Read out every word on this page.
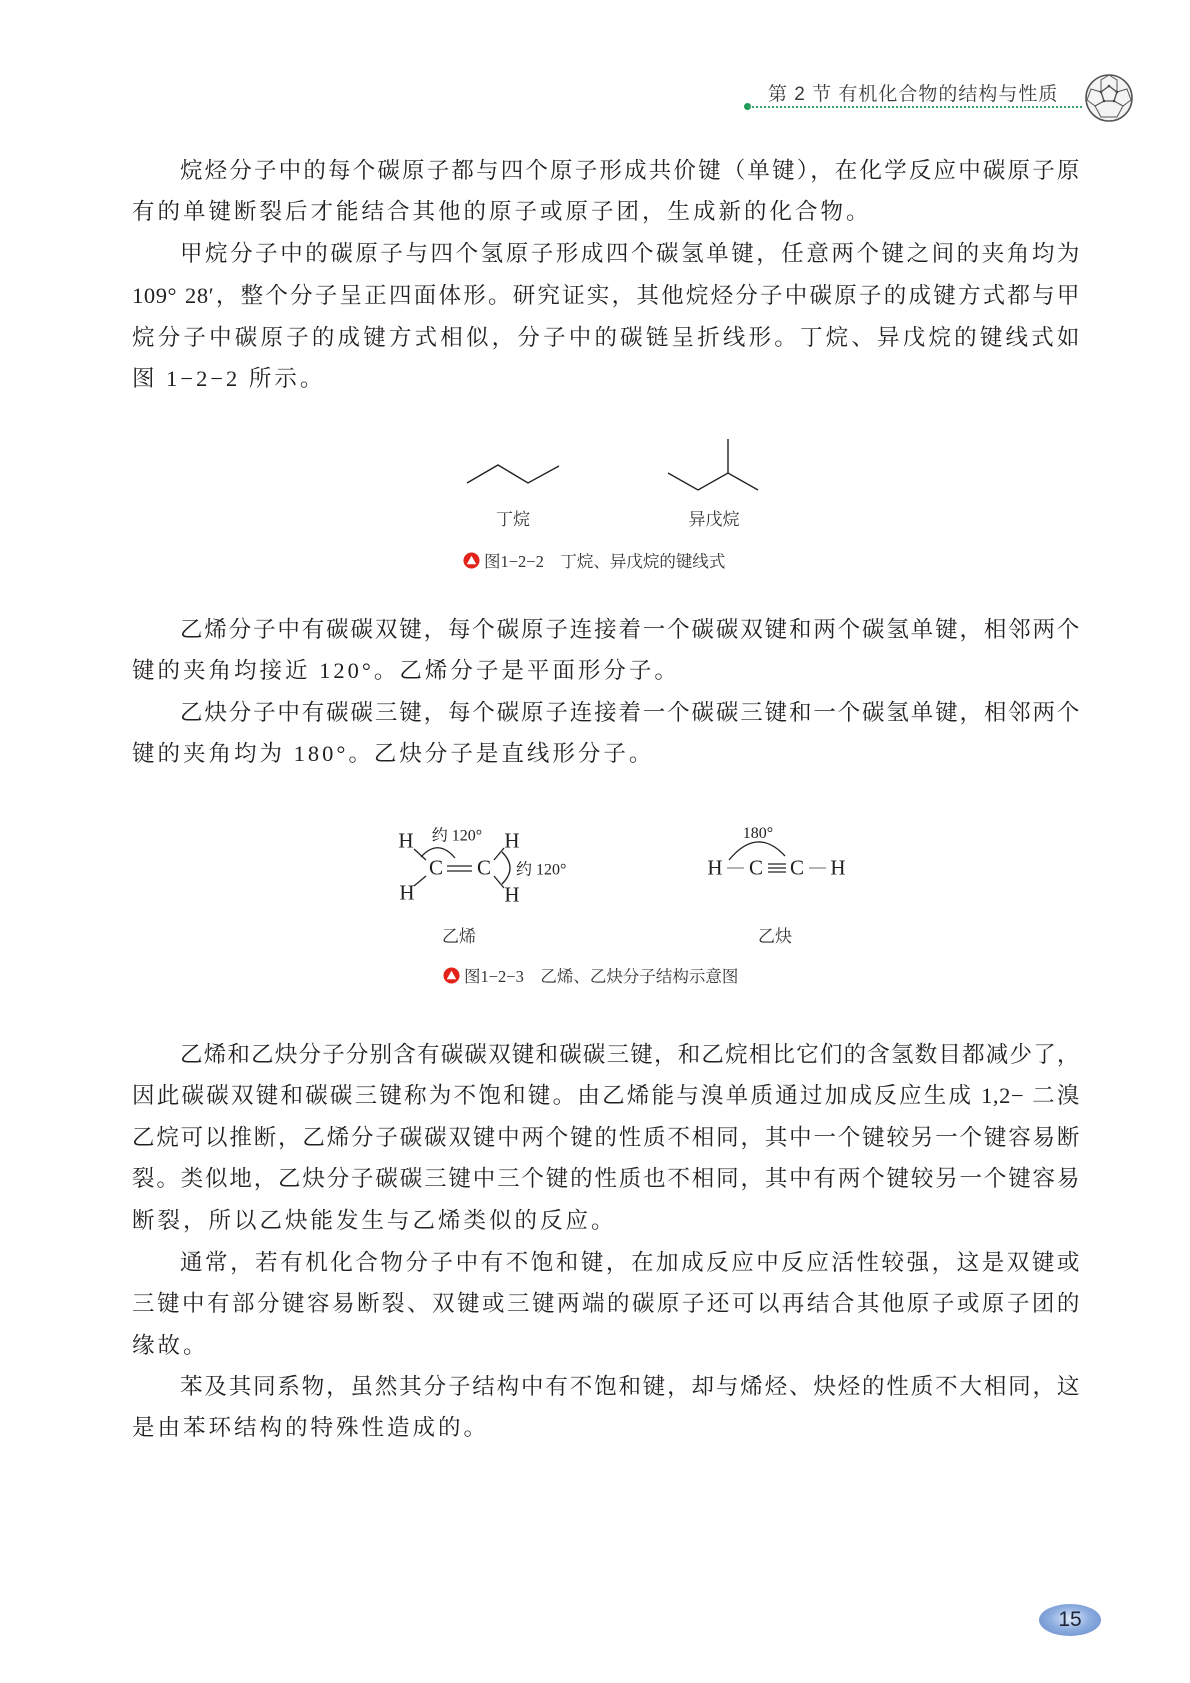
第 2 节 有机化合物的结构与性质
烷烃分子中的每个碳原子都与四个原子形成共价键（单键），在化学反应中碳原子原
有的单键断裂后才能结合其他的原子或原子团，生成新的化合物。
甲烷分子中的碳原子与四个氢原子形成四个碳氢单键，任意两个键之间的夹角均为
109° 28′，整个分子呈正四面体形。研究证实，其他烷烃分子中碳原子的成键方式都与甲
烷分子中碳原子的成键方式相似，分子中的碳链呈折线形。丁烷、异戊烷的键线式如
图 1−2−2 所示。
丁烷	异戊烷
图1−2−2　丁烷、异戊烷的键线式
乙烯分子中有碳碳双键，每个碳原子连接着一个碳碳双键和两个碳氢单键，相邻两个
键的夹角均接近 120°。乙烯分子是平面形分子。
乙炔分子中有碳碳三键，每个碳原子连接着一个碳碳三键和一个碳氢单键，相邻两个
键的夹角均为 180°。乙炔分子是直线形分子。
H
C C
H
H	H
约 120°
约 120°	H C C H
180°
乙烯	乙炔
图1−2−3　乙烯、乙炔分子结构示意图
乙烯和乙炔分子分别含有碳碳双键和碳碳三键，和乙烷相比它们的含氢数目都减少了，
因此碳碳双键和碳碳三键称为不饱和键。由乙烯能与溴单质通过加成反应生成 1,2− 二溴
乙烷可以推断，乙烯分子碳碳双键中两个键的性质不相同，其中一个键较另一个键容易断
裂。类似地，乙炔分子碳碳三键中三个键的性质也不相同，其中有两个键较另一个键容易
断裂，所以乙炔能发生与乙烯类似的反应。
通常，若有机化合物分子中有不饱和键，在加成反应中反应活性较强，这是双键或
三键中有部分键容易断裂、双键或三键两端的碳原子还可以再结合其他原子或原子团的
缘故。
苯及其同系物，虽然其分子结构中有不饱和键，却与烯烃、炔烃的性质不大相同，这
是由苯环结构的特殊性造成的。
15
